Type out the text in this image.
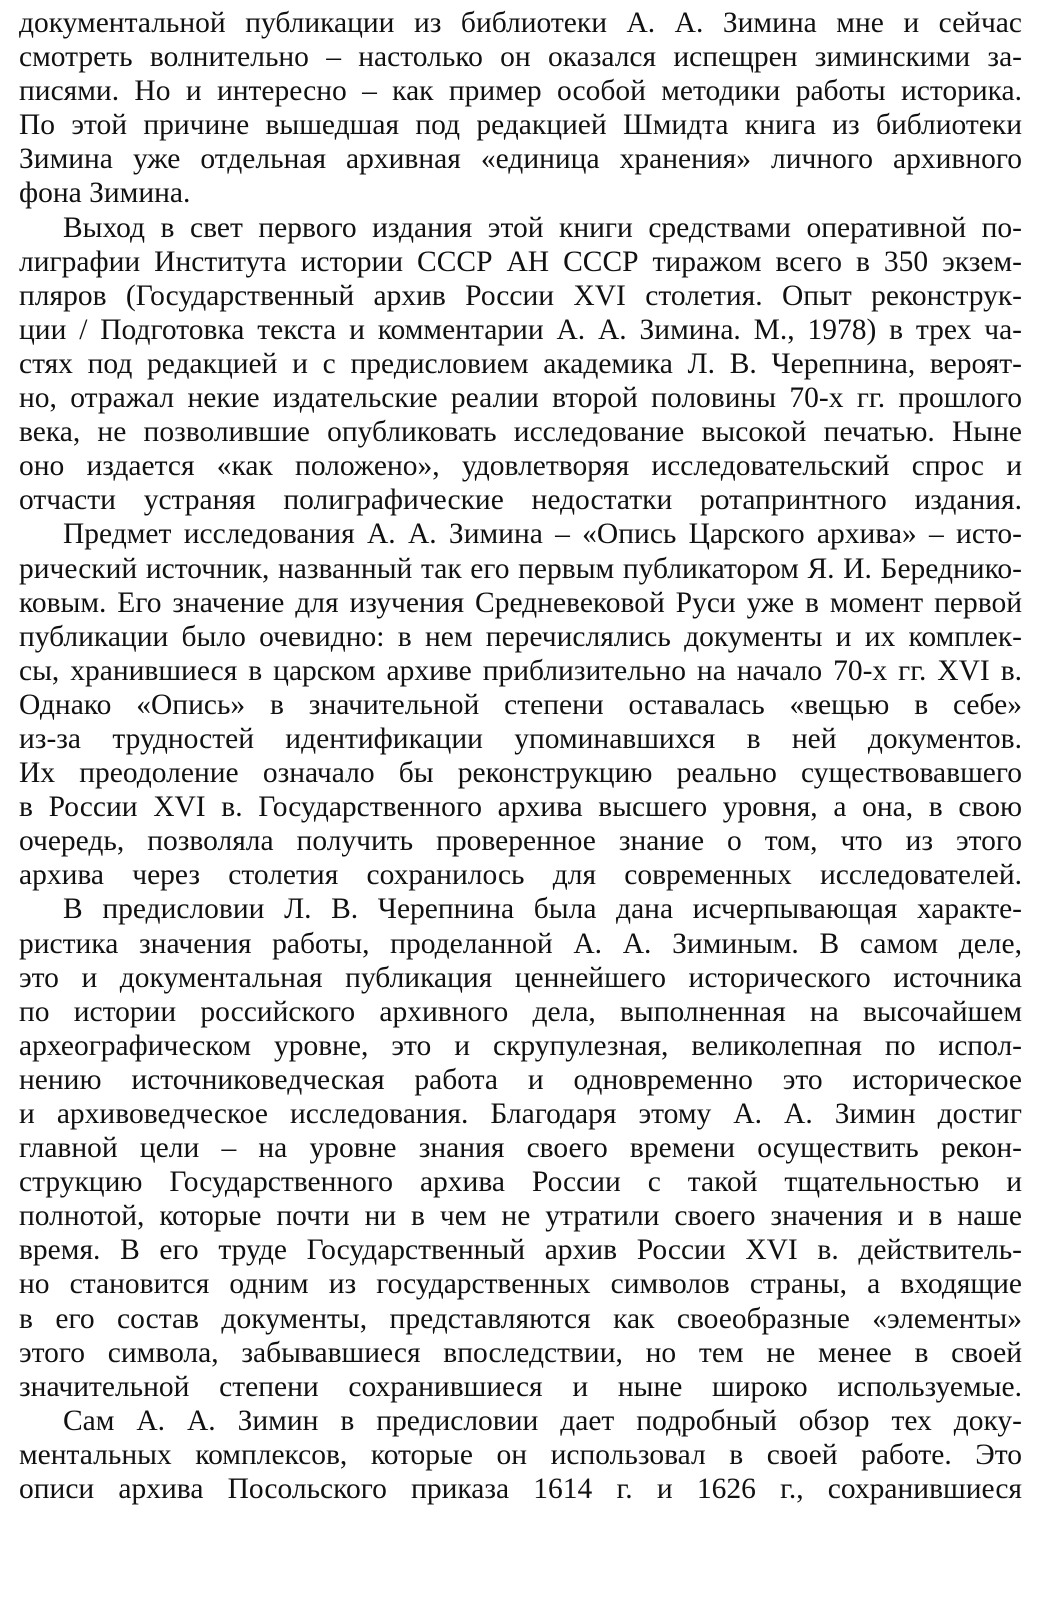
документальной публикации из библиотеки А. А. Зимина мне и сейчас
смотреть волнительно – настолько он оказался испещрен зиминскими за-
писями. Но и интересно – как пример особой методики работы историка.
По этой причине вышедшая под редакцией Шмидта книга из библиотеки
Зимина уже отдельная архивная «единица хранения» личного архивного
фона Зимина.
Выход в свет первого издания этой книги средствами оперативной по-
лиграфии Института истории СССР АН СССР тиражом всего в 350 экзем-
пляров (Государственный архив России XVI столетия. Опыт реконструк-
ции / Подготовка текста и комментарии А. А. Зимина. М., 1978) в трех ча-
стях под редакцией и с предисловием академика Л. В. Черепнина, вероят-
но, отражал некие издательские реалии второй половины 70-х гг. прошлого
века, не позволившие опубликовать исследование высокой печатью. Ныне
оно издается «как положено», удовлетворяя исследовательский спрос и
отчасти устраняя полиграфические недостатки ротапринтного издания.
Предмет исследования А. А. Зимина – «Опись Царского архива» – исто-
рический источник, названный так его первым публикатором Я. И. Береднико-
ковым. Его значение для изучения Средневековой Руси уже в момент первой
публикации было очевидно: в нем перечислялись документы и их комплек-
сы, хранившиеся в царском архиве приблизительно на начало 70-х гг. XVI в.
Однако «Опись» в значительной степени оставалась «вещью в себе»
из-за трудностей идентификации упоминавшихся в ней документов.
Их преодоление означало бы реконструкцию реально существовавшего
в России XVI в. Государственного архива высшего уровня, а она, в свою
очередь, позволяла получить проверенное знание о том, что из этого
архива через столетия сохранилось для современных исследователей.
В предисловии Л. В. Черепнина была дана исчерпывающая характе-
ристика значения работы, проделанной А. А. Зиминым. В самом деле,
это и документальная публикация ценнейшего исторического источника
по истории российского архивного дела, выполненная на высочайшем
археографическом уровне, это и скрупулезная, великолепная по испол-
нению источниковедческая работа и одновременно это историческое
и архивоведческое исследования. Благодаря этому А. А. Зимин достиг
главной цели – на уровне знания своего времени осуществить рекон-
струкцию Государственного архива России с такой тщательностью и
полнотой, которые почти ни в чем не утратили своего значения и в наше
время. В его труде Государственный архив России XVI в. действитель-
но становится одним из государственных символов страны, а входящие
в его состав документы, представляются как своеобразные «элементы»
этого символа, забывавшиеся впоследствии, но тем не менее в своей
значительной степени сохранившиеся и ныне широко используемые.
Сам А. А. Зимин в предисловии дает подробный обзор тех доку-
ментальных комплексов, которые он использовал в своей работе. Это
описи архива Посольского приказа 1614 г. и 1626 г., сохранившиеся
